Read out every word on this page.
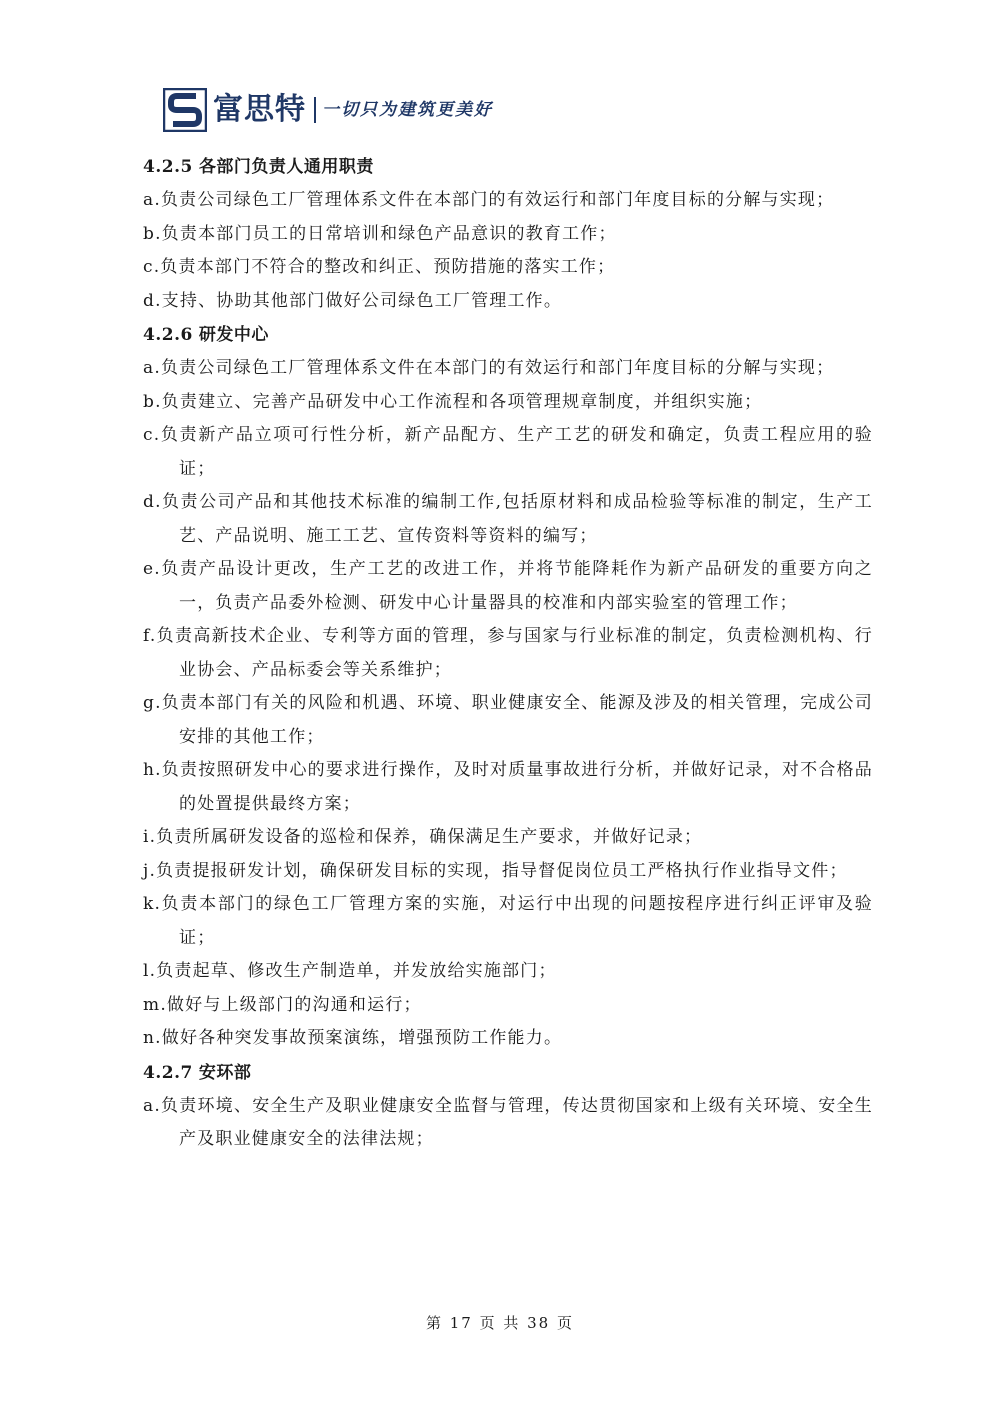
富思特 一切只为建筑更美好

4.2.5 各部门负责人通用职责

a.负责公司绿色工厂管理体系文件在本部门的有效运行和部门年度目标的分解与实现；

b.负责本部门员工的日常培训和绿色产品意识的教育工作；

c.负责本部门不符合的整改和纠正、预防措施的落实工作；

d.支持、协助其他部门做好公司绿色工厂管理工作。

4.2.6 研发中心

a.负责公司绿色工厂管理体系文件在本部门的有效运行和部门年度目标的分解与实现；

b.负责建立、完善产品研发中心工作流程和各项管理规章制度，并组织实施；

c.负责新产品立项可行性分析，新产品配方、生产工艺的研发和确定，负责工程应用的验证；

d.负责公司产品和其他技术标准的编制工作,包括原材料和成品检验等标准的制定，生产工艺、产品说明、施工工艺、宣传资料等资料的编写；

e.负责产品设计更改，生产工艺的改进工作，并将节能降耗作为新产品研发的重要方向之一，负责产品委外检测、研发中心计量器具的校准和内部实验室的管理工作；

f.负责高新技术企业、专利等方面的管理，参与国家与行业标准的制定，负责检测机构、行业协会、产品标委会等关系维护；

g.负责本部门有关的风险和机遇、环境、职业健康安全、能源及涉及的相关管理，完成公司安排的其他工作；

h.负责按照研发中心的要求进行操作，及时对质量事故进行分析，并做好记录，对不合格品的处置提供最终方案；

i.负责所属研发设备的巡检和保养，确保满足生产要求，并做好记录；

j.负责提报研发计划，确保研发目标的实现，指导督促岗位员工严格执行作业指导文件；

k.负责本部门的绿色工厂管理方案的实施，对运行中出现的问题按程序进行纠正评审及验证；

l.负责起草、修改生产制造单，并发放给实施部门；

m.做好与上级部门的沟通和运行；

n.做好各种突发事故预案演练，增强预防工作能力。

4.2.7 安环部

a.负责环境、安全生产及职业健康安全监督与管理，传达贯彻国家和上级有关环境、安全生产及职业健康安全的法律法规；

第 17 页 共 38 页
